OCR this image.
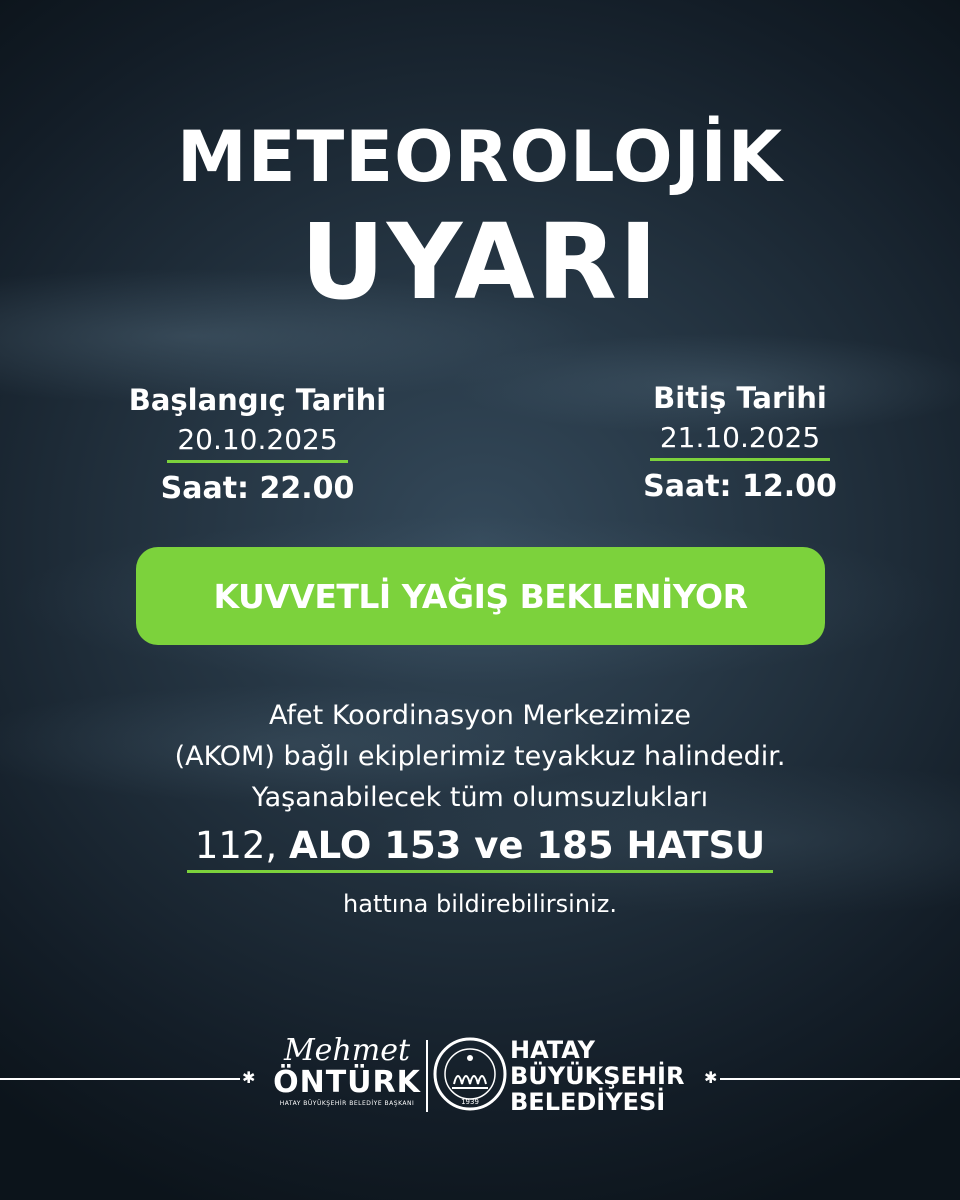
METEOROLOJİK
UYARI
Başlangıç Tarihi
20.10.2025
Saat: 22.00
Bitiş Tarihi
21.10.2025
Saat: 12.00
KUVVETLİ YAĞIŞ BEKLENİYOR
Afet Koordinasyon Merkezimize
(AKOM) bağlı ekiplerimiz teyakkuz halindedir.
Yaşanabilecek tüm olumsuzlukları
112, ALO 153 ve 185 HATSU
hattına bildirebilirsiniz.
✱	✱
Mehmet
ÖNTÜRK
HATAY BÜYÜKŞEHİR BELEDİYE BAŞKANI	1939
HATAY
BÜYÜKŞEHİR
BELEDİYESİ
